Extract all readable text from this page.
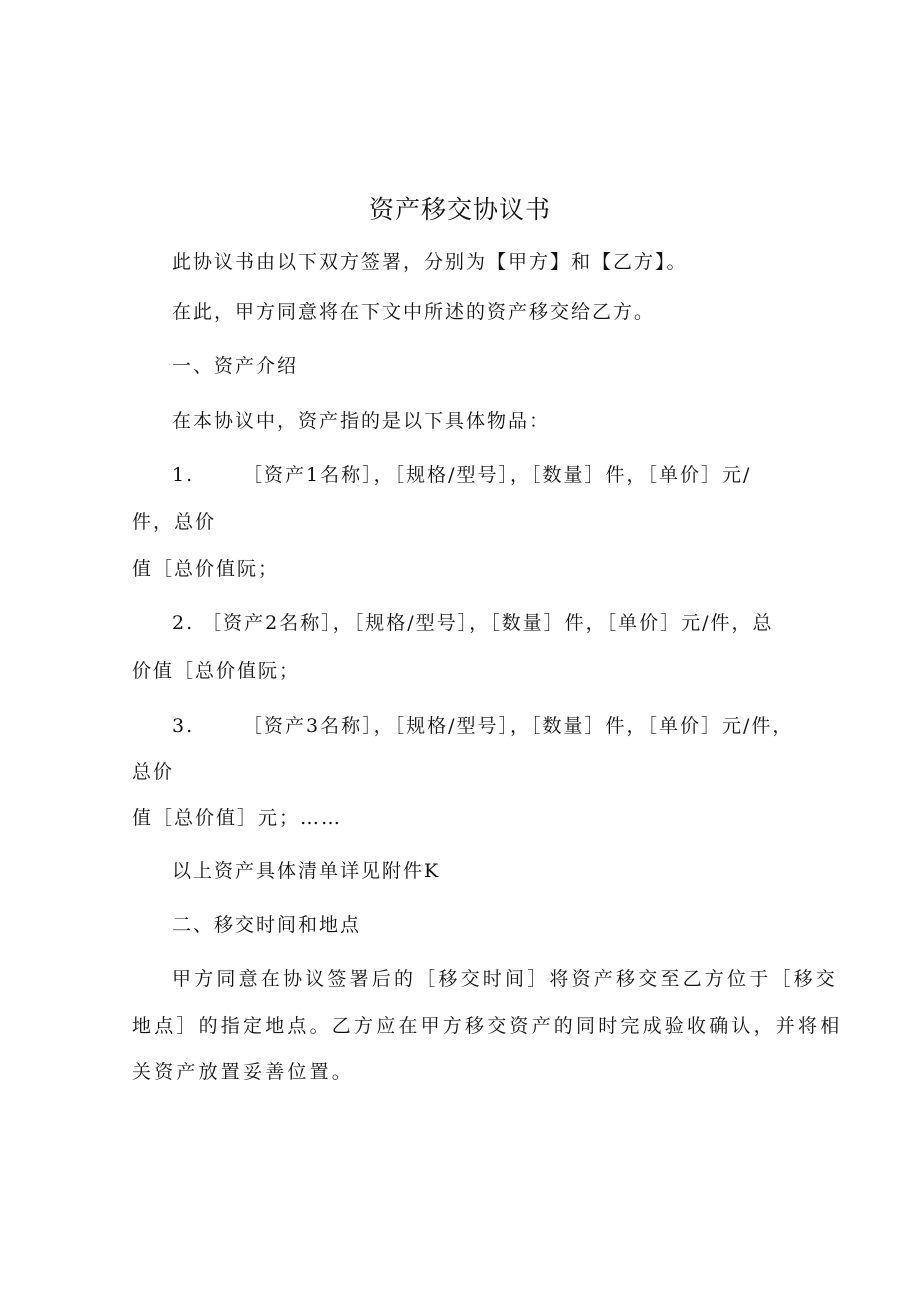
资产移交协议书
此协议书由以下双方签署，分别为【甲方】和【乙方】。
在此，甲方同意将在下文中所述的资产移交给乙方。
一、资产介绍
在本协议中，资产指的是以下具体物品：
1.	［资产1名称］，［规格/型号］，［数量］件，［单价］元/
件，总价
值［总价值阮；
2. ［资产2名称］，［规格/型号］，［数量］件，［单价］元/件，总
价值［总价值阮；
3.	［资产3名称］，［规格/型号］，［数量］件，［单价］元/件，
总价
值［总价值］元；……
以上资产具体清单详见附件K
二、移交时间和地点
甲方同意在协议签署后的［移交时间］将资产移交至乙方位于［移交
地点］的指定地点。乙方应在甲方移交资产的同时完成验收确认，并将相
关资产放置妥善位置。
